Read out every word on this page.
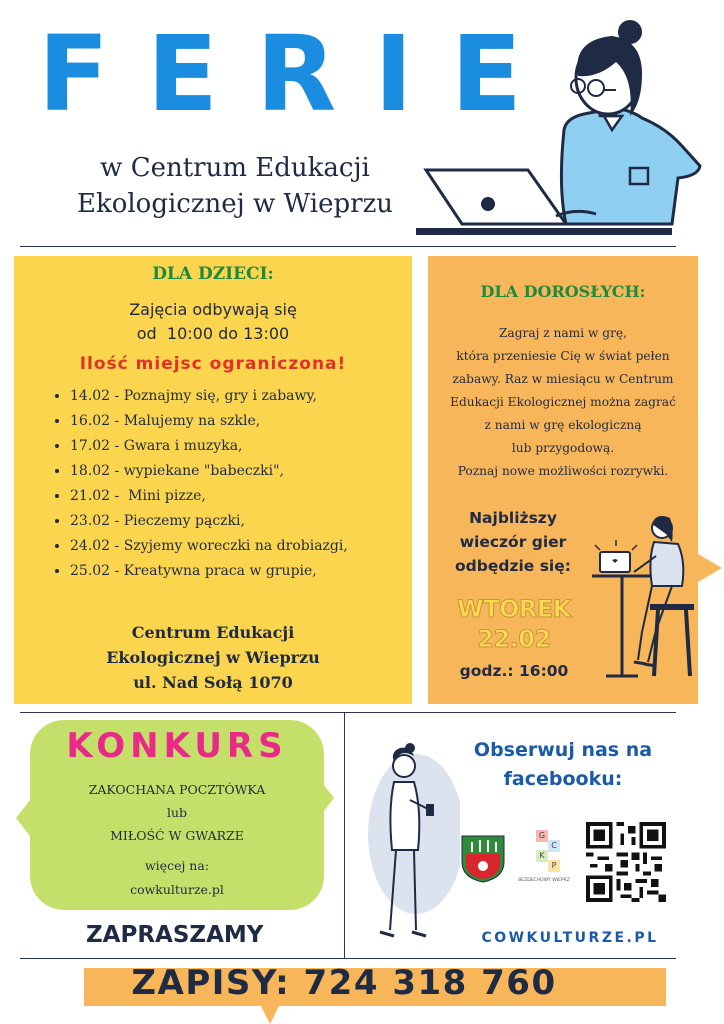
FERIE
w Centrum Edukacji
Ekologicznej w Wieprzu
DLA DZIECI:
Zajęcia odbywają się
od  10:00 do 13:00
Ilość miejsc ograniczona!
• 14.02 - Poznajmy się, gry i zabawy,
• 16.02 - Malujemy na szkle,
• 17.02 - Gwara i muzyka,
• 18.02 - wypiekane "babeczki",
• 21.02 -  Mini pizze,
• 23.02 - Pieczemy pączki,
• 24.02 - Szyjemy woreczki na drobiazgi,
• 25.02 - Kreatywna praca w grupie,
Centrum Edukacji
Ekologicznej w Wieprzu
ul. Nad Sołą 1070
DLA DOROSŁYCH:
Zagraj z nami w grę,
która przeniesie Cię w świat pełen
zabawy. Raz w miesiącu w Centrum
Edukacji Ekologicznej można zagrać
z nami w grę ekologiczną
lub przygodową.
Poznaj nowe możliwości rozrywki.
Najbliższy
wieczór gier
odbędzie się:
WTOREK
22.02
godz.: 16:00
KONKURS
ZAKOCHANA POCZTÓWKA
lub
MIŁOŚĆ W GWARZE
więcej na:
cowkulturze.pl
ZAPRASZAMY
Obserwuj nas na
facebooku:
G
C
K
P
BEZDECHOWY WIEPRZ
COWKULTURZE.PL
ZAPISY: 724 318 760
